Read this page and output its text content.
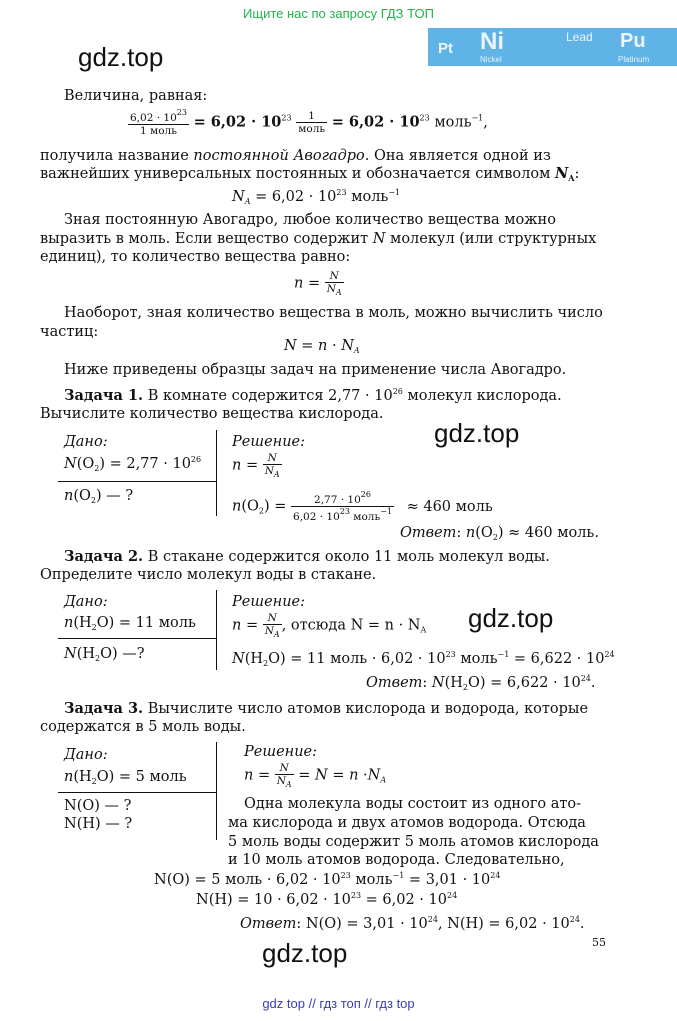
Ищите нас по запросу ГДЗ ТОП
Pt Ni	Lead Pu
Nickel	Platinum
gdz.top
gdz.top
gdz.top
gdz.top
Величина, равная:
$\frac{6,02 \cdot 10^{23}}{\text{1 моль}} = 6,02 \cdot 10^{23} \frac{1}{\text{моль}} = 6,02 \cdot 10^{23}$ моль$^{-1}$,
получила название постоянной Авогадро. Она является одной из
важнейших универсальных постоянных и обозначается символом $N_A$:
$N_A = 6,02 \cdot 10^{23}$ моль$^{-1}$
Зная постоянную Авогадро, любое количество вещества можно
выразить в моль. Если вещество содержит N молекул (или структурных
единиц), то количество вещества равно:
$n = \frac{N}{N_A}$
Наоборот, зная количество вещества в моль, можно вычислить число
частиц:
$N = n \cdot N_A$
Ниже приведены образцы задач на применение числа Авогадро.
Задача 1. В комнате содержится $2,77 \cdot 10^{26}$ молекул кислорода.
Вычислите количество вещества кислорода.
Дано:
$N(O_2) = 2,77 \cdot 10^{26}$
$n(O_2)$ — ?
Решение:
$n = \frac{N}{N_A}$
$n(O_2) = \frac{2,77 \cdot 10^{26}}{6,02 \cdot 10^{23} моль^{-1}} \approx 460$ моль
Ответ: $n(O_2) \approx 460$ моль.
Задача 2. В стакане содержится около 11 моль молекул воды.
Определите число молекул воды в стакане.
Дано:
$n(H_2O) = 11$ моль
$N(H_2O)$ —?
Решение:
$n = \frac{N}{N_A}$ , отсюда $N = n \cdot N_A$
$N(H_2O) = 11$ моль · $6,02 \cdot 10^{23}$ моль$^{-1}$ = $6,622 \cdot 10^{24}$
Ответ: $N(H_2O) = 6,622 \cdot 10^{24}$.
Задача 3. Вычислите число атомов кислорода и водорода, которые
содержатся в 5 моль воды.
Дано:
$n(H_2O) = 5$ моль
N(O) — ?
N(H) — ?
Решение:
$n = \frac{N}{N_A} = N = n \cdot N_A$
Одна молекула воды состоит из одного ато-
ма кислорода и двух атомов водорода. Отсюда
5 моль воды содержит 5 моль атомов кислорода
и 10 моль атомов водорода. Следовательно,
N(O) = 5 моль · $6,02 \cdot 10^{23}$ моль$^{-1}$ = $3,01 \cdot 10^{24}$
$N(H) = 10 \cdot 6,02 \cdot 10^{23} = 6,02 \cdot 10^{24}$
Ответ: $N(O) = 3,01 \cdot 10^{24}$, $N(H) = 6,02 \cdot 10^{24}$.
55
gdz top // гдз топ // гдз top
